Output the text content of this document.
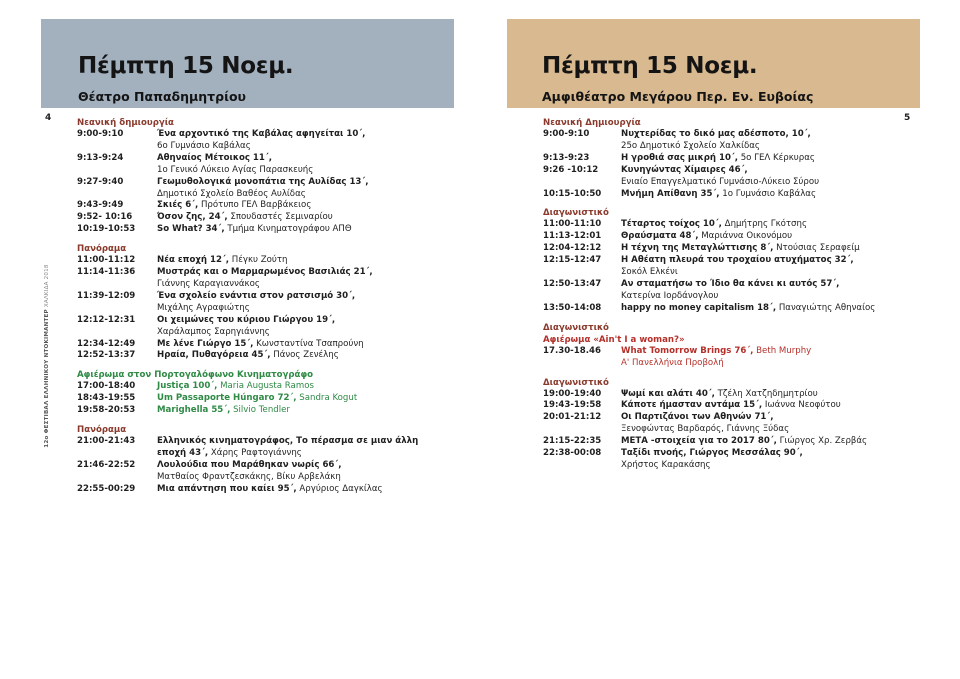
Πέμπτη 15 Νοεμ.
Θέατρο Παπαδημητρίου
4
12ο ΦΕΣΤΙΒΑΛ ΕΛΛΗΝΙΚΟΥ ΝΤΟΚΙΜΑΝΤΕΡ ΧΑΛΚΙΔΑ 2018
Νεανική δημιουργία
9:00-9:10	Ένα αρχοντικό της Καβάλας αφηγείται 10΄,
6ο Γυμνάσιο Καβάλας
9:13-9:24	Αθηναίος Μέτοικος 11΄,
1ο Γενικό Λύκειο Αγίας Παρασκευής
9:27-9:40	Γεωμυθολογικά μονοπάτια της Αυλίδας 13΄,
Δημοτικό Σχολείο Βαθέος Αυλίδας
9:43-9:49	Σκιές 6΄, Πρότυπο ΓΕΛ Βαρβάκειος
9:52- 10:16	Όσον ζης, 24΄, Σπουδαστές Σεμιναρίου
10:19-10:53	So What? 34΄, Τμήμα Κινηματογράφου ΑΠΘ
Πανόραμα
11:00-11:12	Νέα εποχή 12΄, Πέγκυ Ζούτη
11:14-11:36	Μυστράς και ο Μαρμαρωμένος Βασιλιάς 21΄,
Γιάννης Καραγιαννάκος
11:39-12:09	Ένα σχολείο ενάντια στον ρατσισμό 30΄,
Μιχάλης Αγραφιώτης
12:12-12:31	Οι χειμώνες του κύριου Γιώργου 19΄,
Χαράλαμπος Σαρηγιάννης
12:34-12:49	Με λένε Γιώργο 15΄, Κωνσταντίνα Τσαπρούνη
12:52-13:37	Ηραία, Πυθαγόρεια 45΄, Πάνος Ζενέλης
Αφιέρωμα στον Πορτογαλόφωνο Κινηματογράφο
17:00-18:40	Justiça 100΄, Maria Augusta Ramos
18:43-19:55	Um Passaporte Húngaro 72΄, Sandra Kogut
19:58-20:53	Marighella 55΄, Silvio Tendler
Πανόραμα
21:00-21:43	Ελληνικός κινηματογράφος, Το πέρασμα σε μιαν άλλη
εποχή 43΄, Χάρης Ραφτογιάννης
21:46-22:52	Λουλούδια που Μαράθηκαν νωρίς 66΄,
Ματθαίος Φραντζεσκάκης, Βίκυ Αρβελάκη
22:55-00:29	Μια απάντηση που καίει 95΄, Αργύριος Δαγκίλας
Πέμπτη 15 Νοεμ.
Αμφιθέατρο Μεγάρου Περ. Εν. Ευβοίας
5
Νεανική Δημιουργία
9:00-9:10	Νυχτερίδας το δικό μας αδέσποτο, 10΄,
25ο Δημοτικό Σχολείο Χαλκίδας
9:13-9:23	Η γροθιά σας μικρή 10΄, 5ο ΓΕΛ Κέρκυρας
9:26 -10:12	Κυνηγώντας Χίμαιρες 46΄,
Ενιαίο Επαγγελματικό Γυμνάσιο-Λύκειο Σύρου
10:15-10:50	Μνήμη Απίθανη 35΄, 1ο Γυμνάσιο Καβάλας
Διαγωνιστικό
11:00-11:10	Τέταρτος τοίχος 10΄, Δημήτρης Γκότσης
11:13-12:01	Θραύσματα 48΄, Μαριάννα Οικονόμου
12:04-12:12	Η τέχνη της Μεταγλώττισης 8΄, Ντούσιας Σεραφείμ
12:15-12:47	Η Αθέατη πλευρά του τροχαίου ατυχήματος 32΄,
Σοκόλ Ελκένι
12:50-13:47	Αν σταματήσω το Ίδιο θα κάνει κι αυτός 57΄,
Κατερίνα Ιορδάνογλου
13:50-14:08	happy no money capitalism 18΄, Παναγιώτης Αθηναίος
Διαγωνιστικό
Αφιέρωμα «Ain't I a woman?»
17.30-18.46	What Tomorrow Brings 76΄, Beth Murphy
Α' Πανελλήνια Προβολή
Διαγωνιστικό
19:00-19:40	Ψωμί και αλάτι 40΄, Τζέλη Χατζηδημητρίου
19:43-19:58	Κάποτε ήμασταν αντάμα 15΄, Ιωάννα Νεοφύτου
20:01-21:12	Οι Παρτιζάνοι των Αθηνών 71΄,
Ξενοφώντας Βαρδαρός, Γιάννης Ξύδας
21:15-22:35	ΜΕΤΑ -στοιχεία για το 2017 80΄, Γιώργος Χρ. Ζερβάς
22:38-00:08	Ταξίδι πνοής, Γιώργος Μεσσάλας 90΄,
Χρήστος Καρακάσης
